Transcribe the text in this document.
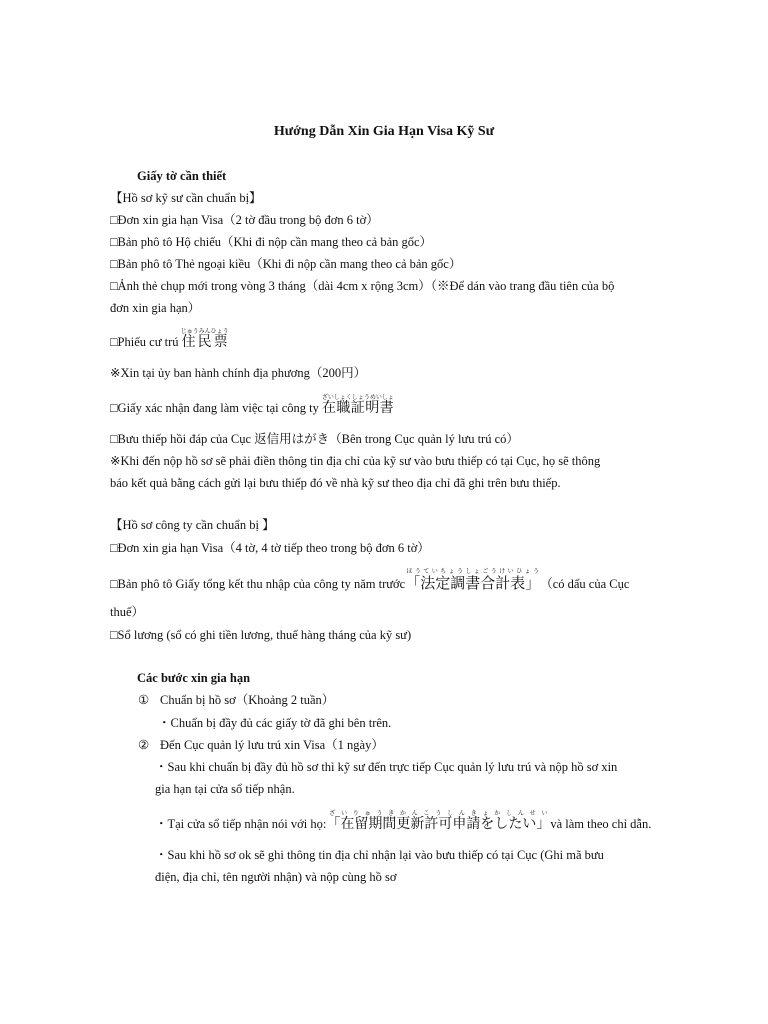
Hướng Dẫn Xin Gia Hạn Visa Kỹ Sư
Giấy tờ cần thiết
【Hồ sơ kỹ sư cần chuẩn bị】
□Đơn xin gia hạn Visa（2 tờ đầu trong bộ đơn 6 tờ）
□Bản phô tô Hộ chiếu（Khi đi nộp cần mang theo cả bản gốc）
□Bản phô tô Thẻ ngoại kiều（Khi đi nộp cần mang theo cả bản gốc）
□Ảnh thẻ chụp mới trong vòng 3 tháng（dài 4cm x rộng 3cm）（※Để dán vào trang đầu tiên của bộ
đơn xin gia hạn）
□Phiếu cư trú 住民票じゅうみんひょう
※Xin tại ủy ban hành chính địa phương（200円）
□Giấy xác nhận đang làm việc tại công ty 在職証明書ざいしょくしょうめいしょ
□Bưu thiếp hồi đáp của Cục 返信用はがき（Bên trong Cục quản lý lưu trú có）
※Khi đến nộp hồ sơ sẽ phải điền thông tin địa chỉ của kỹ sư vào bưu thiếp có tại Cục, họ sẽ thông
báo kết quả bằng cách gửi lại bưu thiếp đó về nhà kỹ sư theo địa chỉ đã ghi trên bưu thiếp.
【Hồ sơ công ty cần chuẩn bị 】
□Đơn xin gia hạn Visa（4 tờ, 4 tờ tiếp theo trong bộ đơn 6 tờ）
□Bản phô tô Giấy tổng kết thu nhập của công ty năm trước「法定調書合計表」ほうていちょうしょごうけいひょう（có dấu của Cục
thuế）
□Sổ lương (sổ có ghi tiền lương, thuế hàng tháng của kỹ sư)
Các bước xin gia hạn
① Chuẩn bị hồ sơ（Khoảng 2 tuần）
・Chuẩn bị đầy đủ các giấy tờ đã ghi bên trên.
② Đến Cục quản lý lưu trú xin Visa（1 ngày）
・Sau khi chuẩn bị đầy đủ hồ sơ thì kỹ sư đến trực tiếp Cục quản lý lưu trú và nộp hồ sơ xin
gia hạn tại cửa sổ tiếp nhận.
・Tại cửa sổ tiếp nhận nói với họ:「在留期間更新許可申請をしたい」ざいりゅうきかんこうしんきょかしんせいvà làm theo chỉ dẫn.
・Sau khi hồ sơ ok sẽ ghi thông tin địa chỉ nhận lại vào bưu thiếp có tại Cục (Ghi mã bưu
điện, địa chỉ, tên người nhận) và nộp cùng hồ sơ
